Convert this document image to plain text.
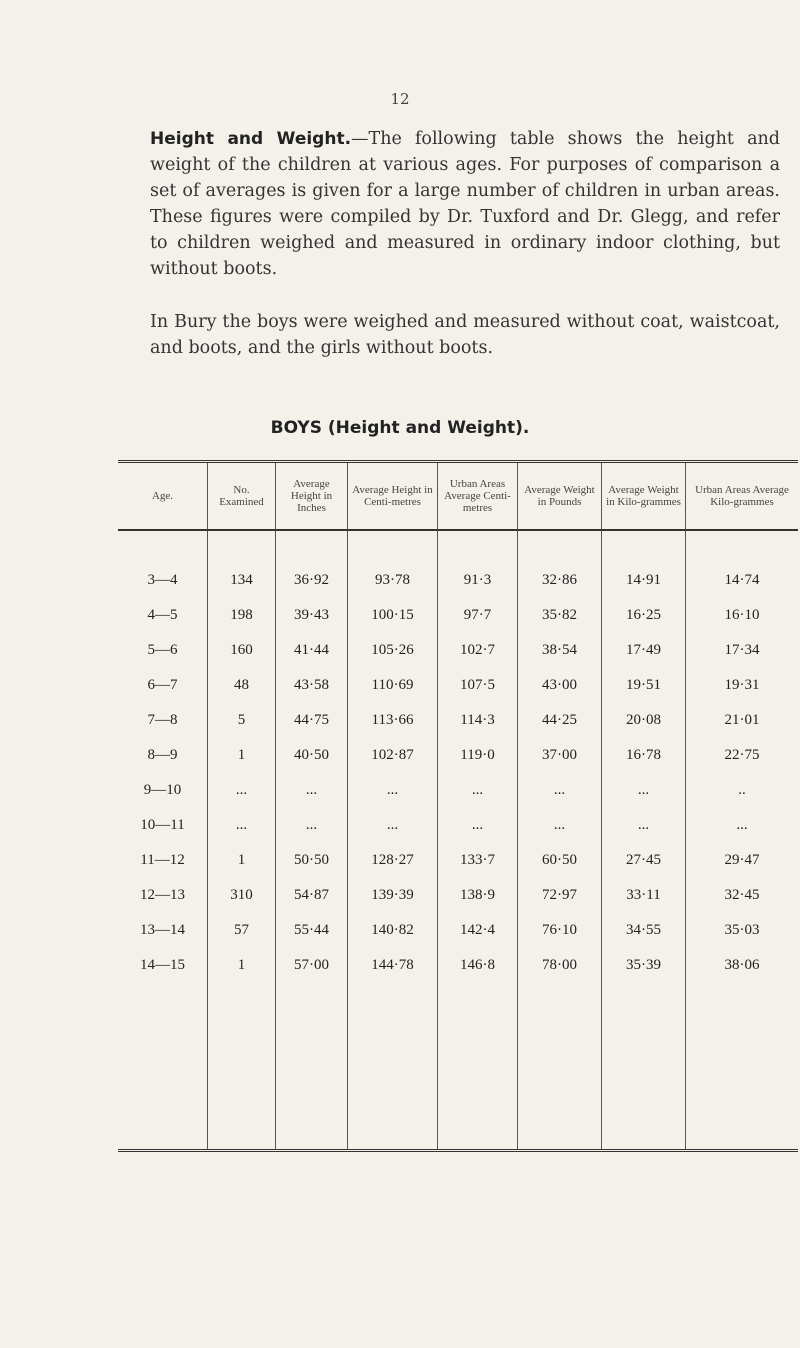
12
Height and Weight.—The following table shows the height and weight of the children at various ages. For purposes of comparison a set of averages is given for a large number of children in urban areas. These figures were compiled by Dr. Tuxford and Dr. Glegg, and refer to children weighed and measured in ordinary indoor clothing, but without boots.
In Bury the boys were weighed and measured without coat, waistcoat, and boots, and the girls without boots.
BOYS (Height and Weight).
Age.	No. Examined
Average Height in Inches
Average Height in Centi-metres
Urban Areas Average Centi-metres
Average Weight in Pounds
Average Weight in Kilo-grammes
Urban Areas Average Kilo-grammes
3—4
4—5
5—6
6—7
7—8
8—9
9—10
10—11
11—12
12—13
13—14
14—15
134
198
160
48
5
1
...
...
1
310
57
1
36·92
39·43
41·44
43·58
44·75
40·50
...
...
50·50
54·87
55·44
57·00
93·78
100·15
105·26
110·69
113·66
102·87
...
...
128·27
139·39
140·82
144·78
91·3
97·7
102·7
107·5
114·3
119·0
...
...
133·7
138·9
142·4
146·8
32·86
35·82
38·54
43·00
44·25
37·00
...
...
60·50
72·97
76·10
78·00
14·91
16·25
17·49
19·51
20·08
16·78
...
...
27·45
33·11
34·55
35·39
14·74
16·10
17·34
19·31
21·01
22·75
..
...
29·47
32·45
35·03
38·06
